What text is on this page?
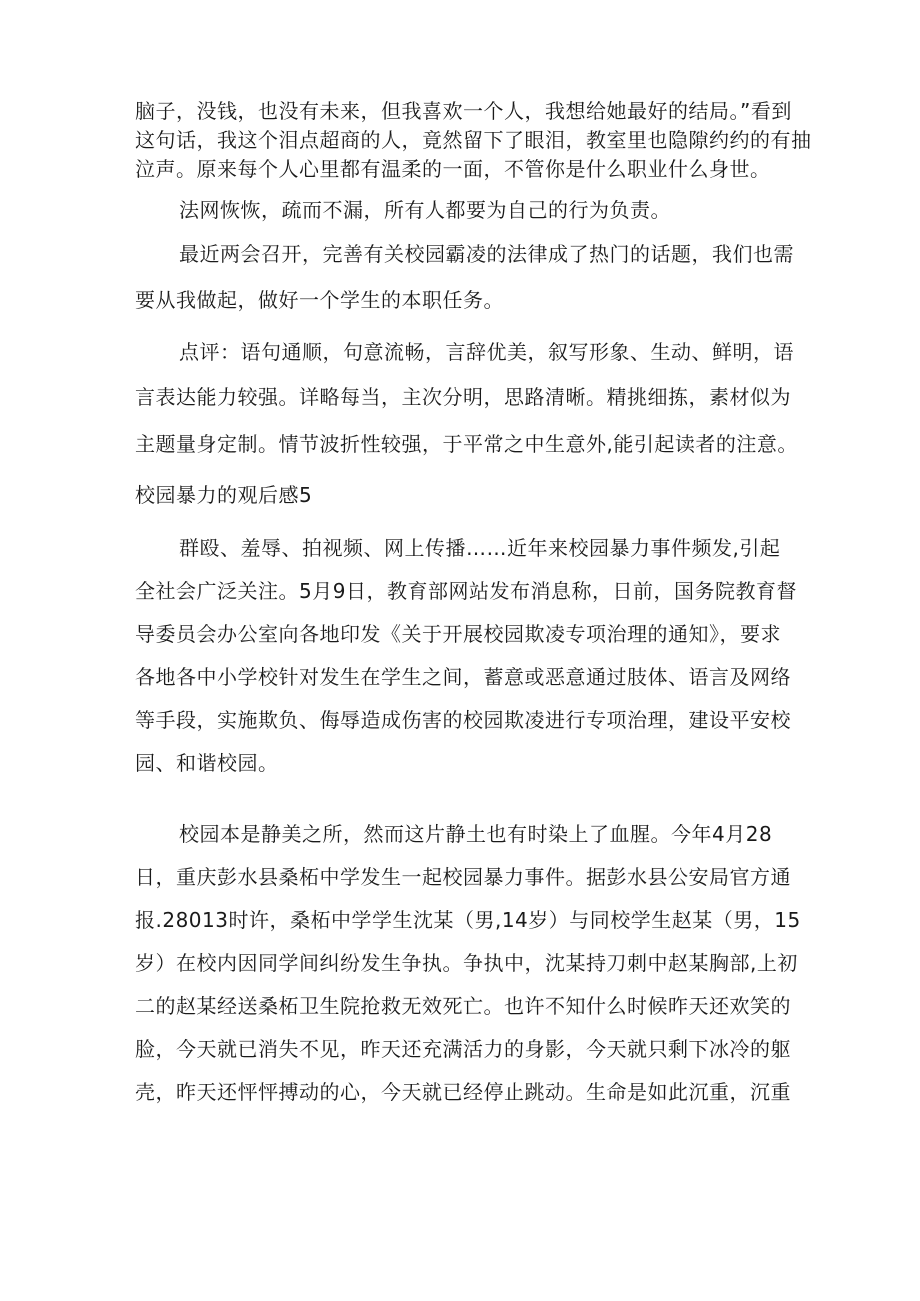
脑子，没钱，也没有未来，但我喜欢一个人，我想给她最好的结局。”看到
这句话，我这个泪点超商的人，竟然留下了眼泪，教室里也隐隙约约的有抽
泣声。原来每个人心里都有温柔的一面，不管你是什么职业什么身世。
法网恢恢，疏而不漏，所有人都要为自己的行为负责。
最近两会召开，完善有关校园霸凌的法律成了热门的话题，我们也需
要从我做起，做好一个学生的本职任务。
点评：语句通顺，句意流畅，言辞优美，叙写形象、生动、鲜明，语
言表达能力较强。详略每当，主次分明，思路清晰。精挑细拣，素材似为
主题量身定制。情节波折性较强，于平常之中生意外,能引起读者的注意。
校园暴力的观后感5
群殴、羞辱、拍视频、网上传播……近年来校园暴力事件频发,引起
全社会广泛关注。5月9日，教育部网站发布消息称，日前，国务院教育督
导委员会办公室向各地印发《关于开展校园欺凌专项治理的通知》，要求
各地各中小学校针对发生在学生之间，蓄意或恶意通过肢体、语言及网络
等手段，实施欺负、侮辱造成伤害的校园欺凌进行专项治理，建设平安校
园、和谐校园。
校园本是静美之所，然而这片静土也有时染上了血腥。今年4月28
日，重庆彭水县桑柘中学发生一起校园暴力事件。据彭水县公安局官方通
报.28013时许，桑柘中学学生沈某（男,14岁）与同校学生赵某（男，15
岁）在校内因同学间纠纷发生争执。争执中，沈某持刀刺中赵某胸部,上初
二的赵某经送桑柘卫生院抢救无效死亡。也许不知什么时候昨天还欢笑的
脸，今天就已消失不见，昨天还充满活力的身影，今天就只剩下冰冷的躯
壳，昨天还怦怦搏动的心，今天就已经停止跳动。生命是如此沉重，沉重
